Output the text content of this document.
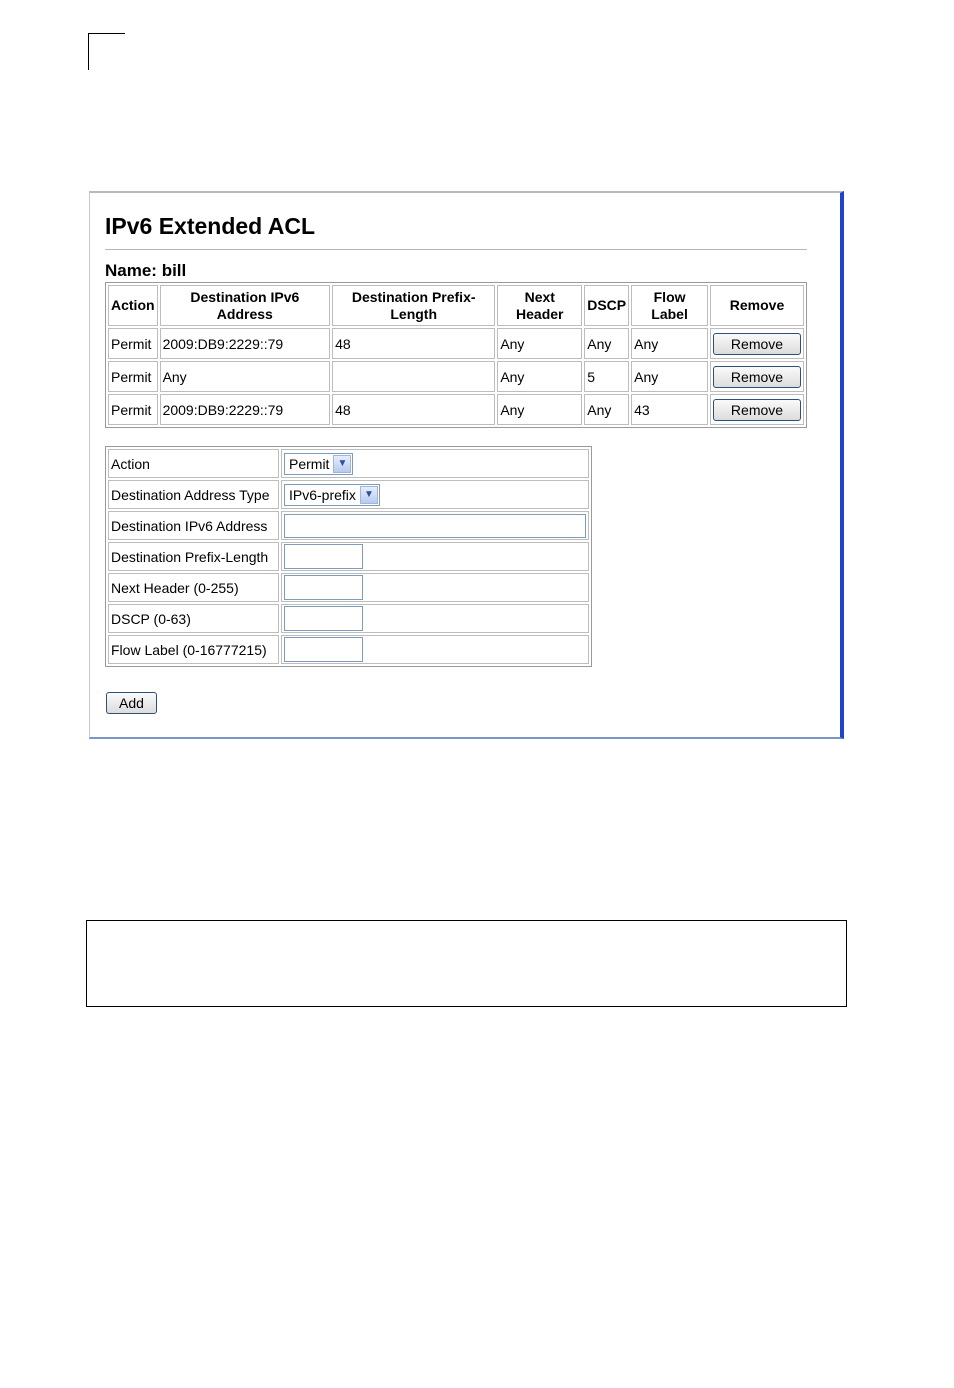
IPv6 Extended ACL
Name: bill
Action	Destination IPv6 Address	Destination Prefix-Length	Next Header	DSCP	Flow Label	Remove
Permit	2009:DB9:2229::79	48	Any	Any	Any	Remove
Permit	Any		Any	5	Any	Remove
Permit	2009:DB9:2229::79	48	Any	Any	43	Remove
Action	Permit ▼

Destination Address Type	IPv6-prefix ▼

Destination IPv6 Address	
Destination Prefix-Length	
Next Header (0-255)	
DSCP (0-63)	
Flow Label (0-16777215)	
Add
